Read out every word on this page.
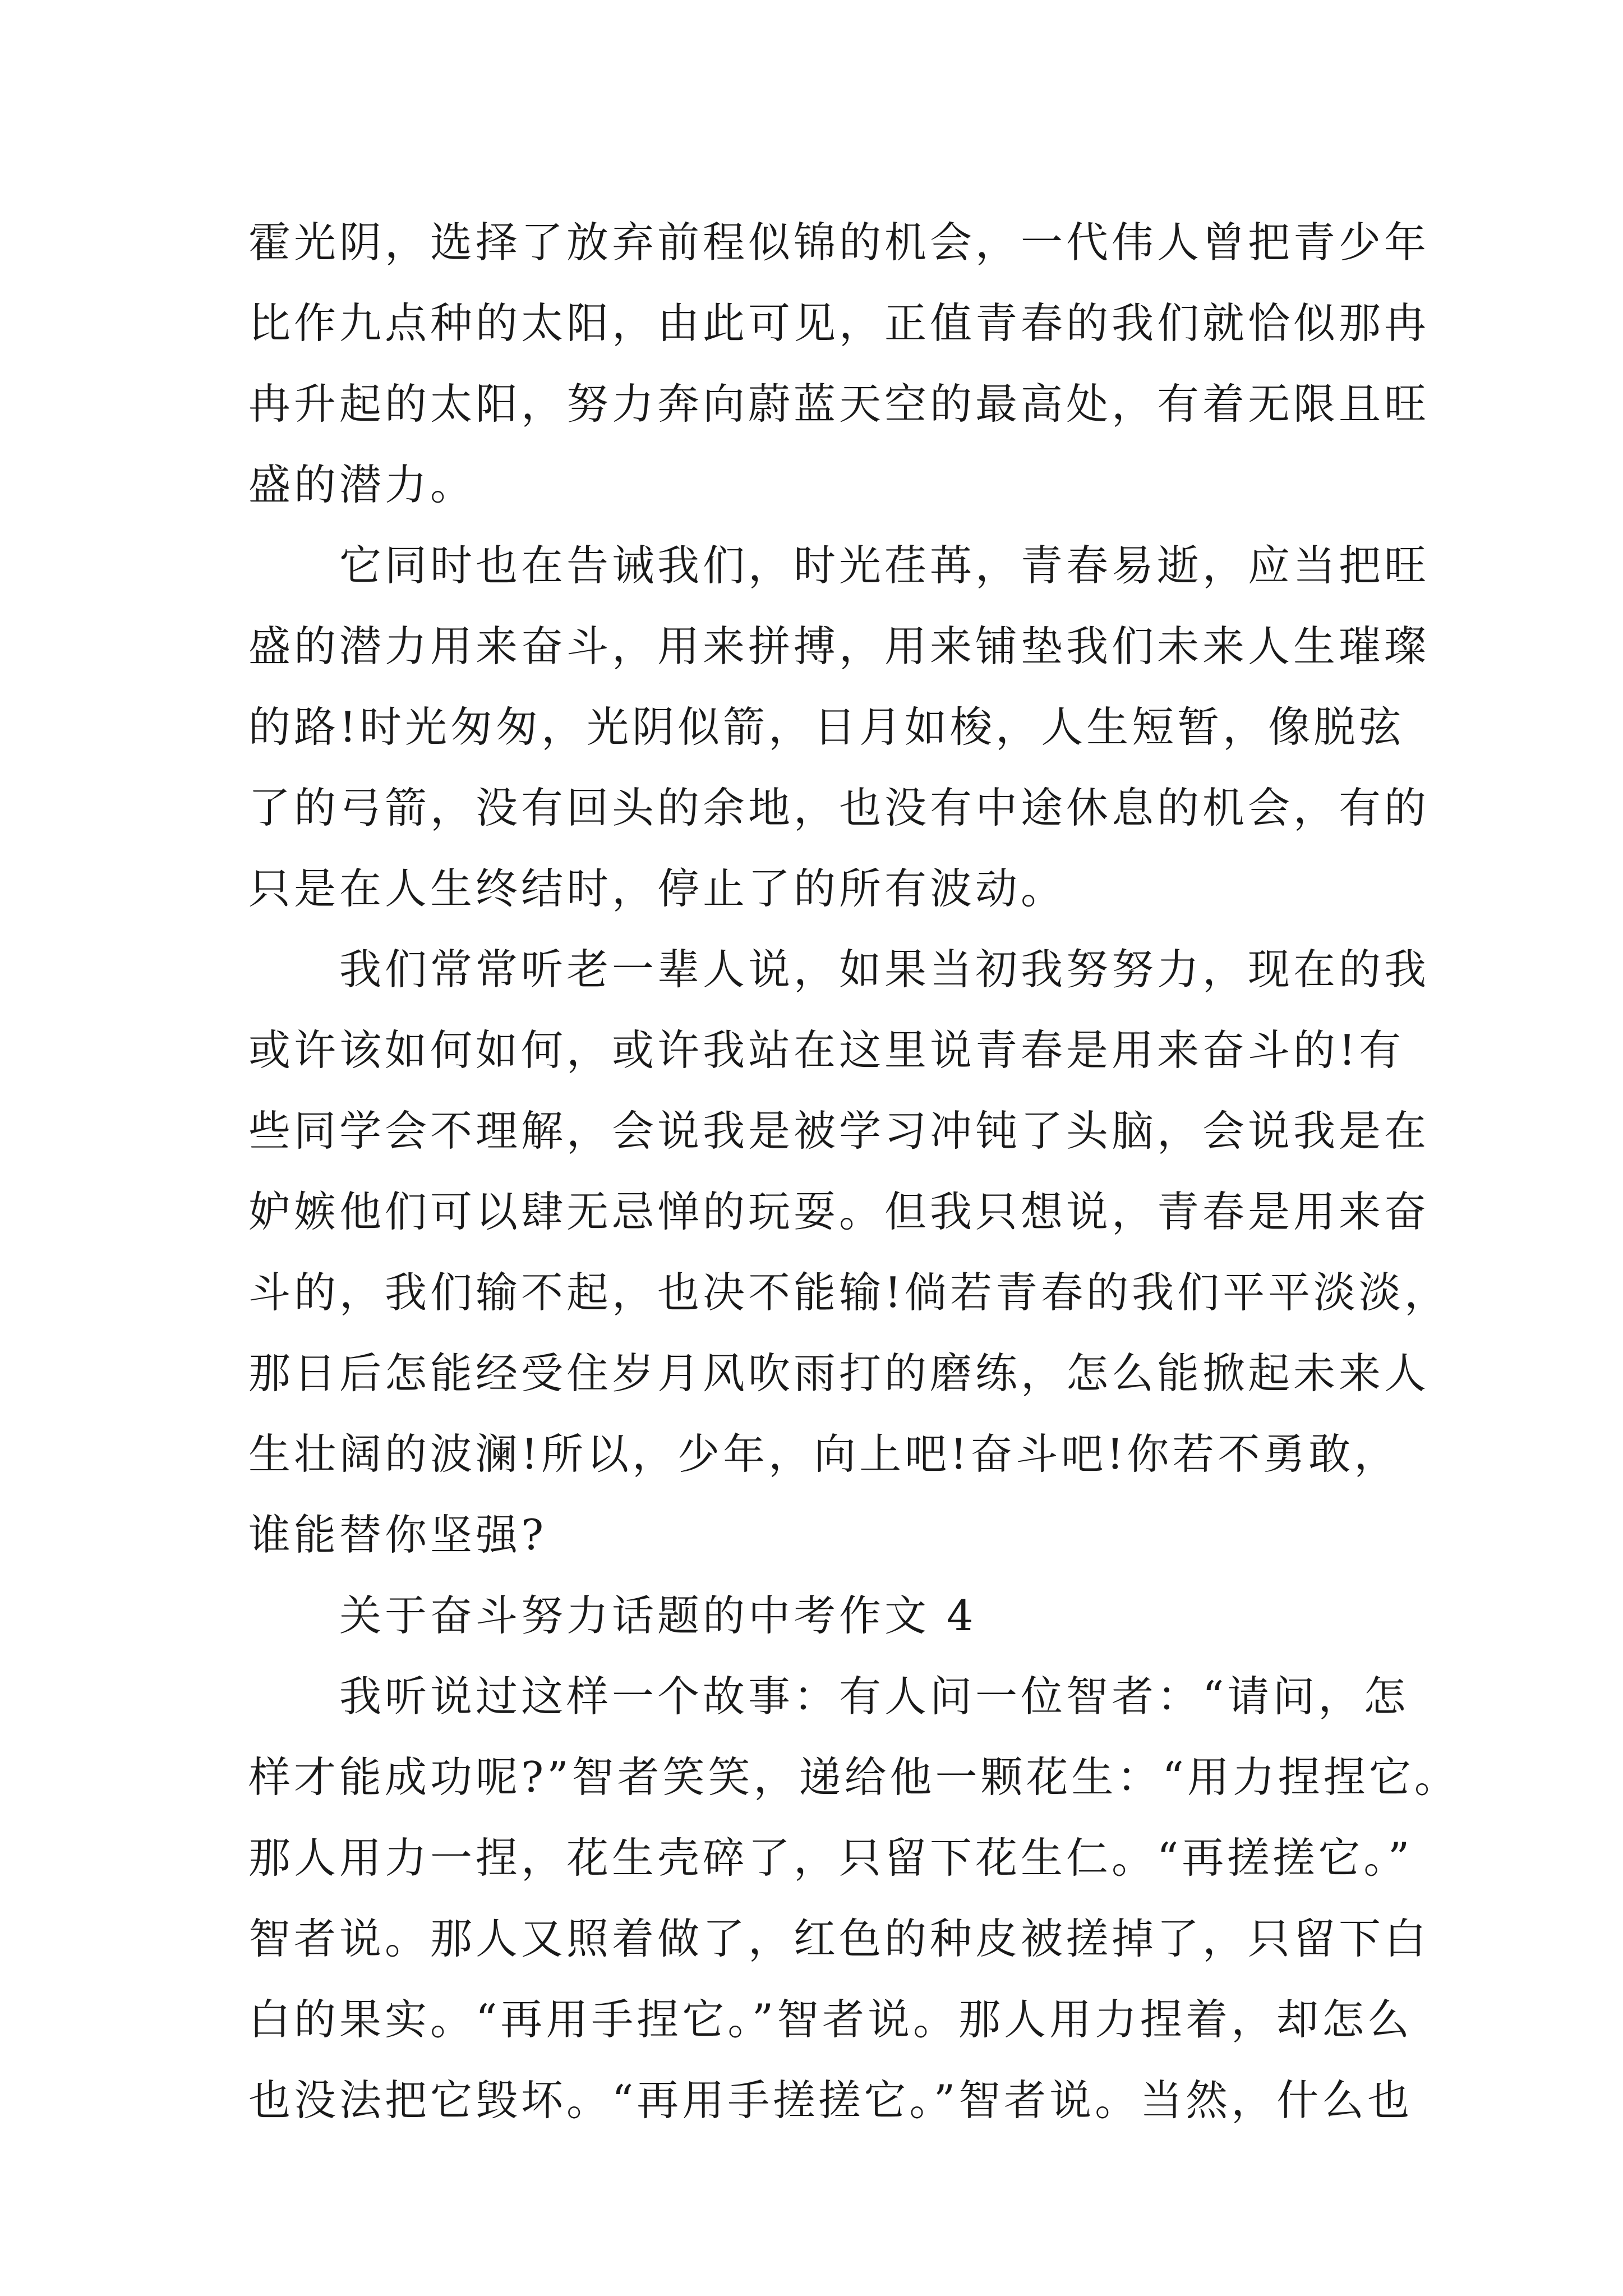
霍光阴，选择了放弃前程似锦的机会，一代伟人曾把青少年
比作九点种的太阳，由此可见，正值青春的我们就恰似那冉
冉升起的太阳，努力奔向蔚蓝天空的最高处，有着无限且旺
盛的潜力。
　　它同时也在告诫我们，时光荏苒，青春易逝，应当把旺
盛的潜力用来奋斗，用来拼搏，用来铺垫我们未来人生璀璨
的路!时光匆匆，光阴似箭，日月如梭，人生短暂，像脱弦
了的弓箭，没有回头的余地，也没有中途休息的机会，有的
只是在人生终结时，停止了的所有波动。
　　我们常常听老一辈人说，如果当初我努努力，现在的我
或许该如何如何，或许我站在这里说青春是用来奋斗的!有
些同学会不理解，会说我是被学习冲钝了头脑，会说我是在
妒嫉他们可以肆无忌惮的玩耍。但我只想说，青春是用来奋
斗的，我们输不起，也决不能输!倘若青春的我们平平淡淡，
那日后怎能经受住岁月风吹雨打的磨练，怎么能掀起未来人
生壮阔的波澜!所以，少年，向上吧!奋斗吧!你若不勇敢，
谁能替你坚强?
　　关于奋斗努力话题的中考作文 4
　　我听说过这样一个故事：有人问一位智者：“请问，怎
样才能成功呢?”智者笑笑，递给他一颗花生：“用力捏捏它。
那人用力一捏，花生壳碎了，只留下花生仁。“再搓搓它。”
智者说。那人又照着做了，红色的种皮被搓掉了，只留下白
白的果实。“再用手捏它。”智者说。那人用力捏着，却怎么
也没法把它毁坏。“再用手搓搓它。”智者说。当然，什么也
